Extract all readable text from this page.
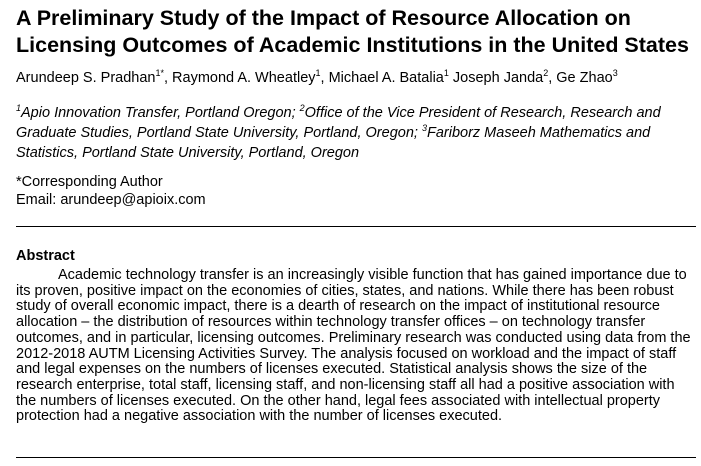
A Preliminary Study of the Impact of Resource Allocation on
Licensing Outcomes of Academic Institutions in the United States
Arundeep S. Pradhan$^{1*}$, Raymond A. Wheatley$^1$, Michael A. Batalia$^1$ Joseph Janda$^2$, Ge Zhao$^3$
$^1$Apio Innovation Transfer, Portland Oregon; $^2$Office of the Vice President of Research, Research and Graduate Studies, Portland State University, Portland, Oregon; $^3$Fariborz Maseeh Mathematics and Statistics, Portland State University, Portland, Oregon
*Corresponding Author
Email: arundeep@apioix.com
Abstract
Academic technology transfer is an increasingly visible function that has gained importance due to
its proven, positive impact on the economies of cities, states, and nations. While there has been robust
study of overall economic impact, there is a dearth of research on the impact of institutional resource
allocation – the distribution of resources within technology transfer offices – on technology transfer
outcomes, and in particular, licensing outcomes. Preliminary research was conducted using data from the
2012-2018 AUTM Licensing Activities Survey. The analysis focused on workload and the impact of staff
and legal expenses on the numbers of licenses executed. Statistical analysis shows the size of the
research enterprise, total staff, licensing staff, and non-licensing staff all had a positive association with
the numbers of licenses executed. On the other hand, legal fees associated with intellectual property
protection had a negative association with the number of licenses executed.
